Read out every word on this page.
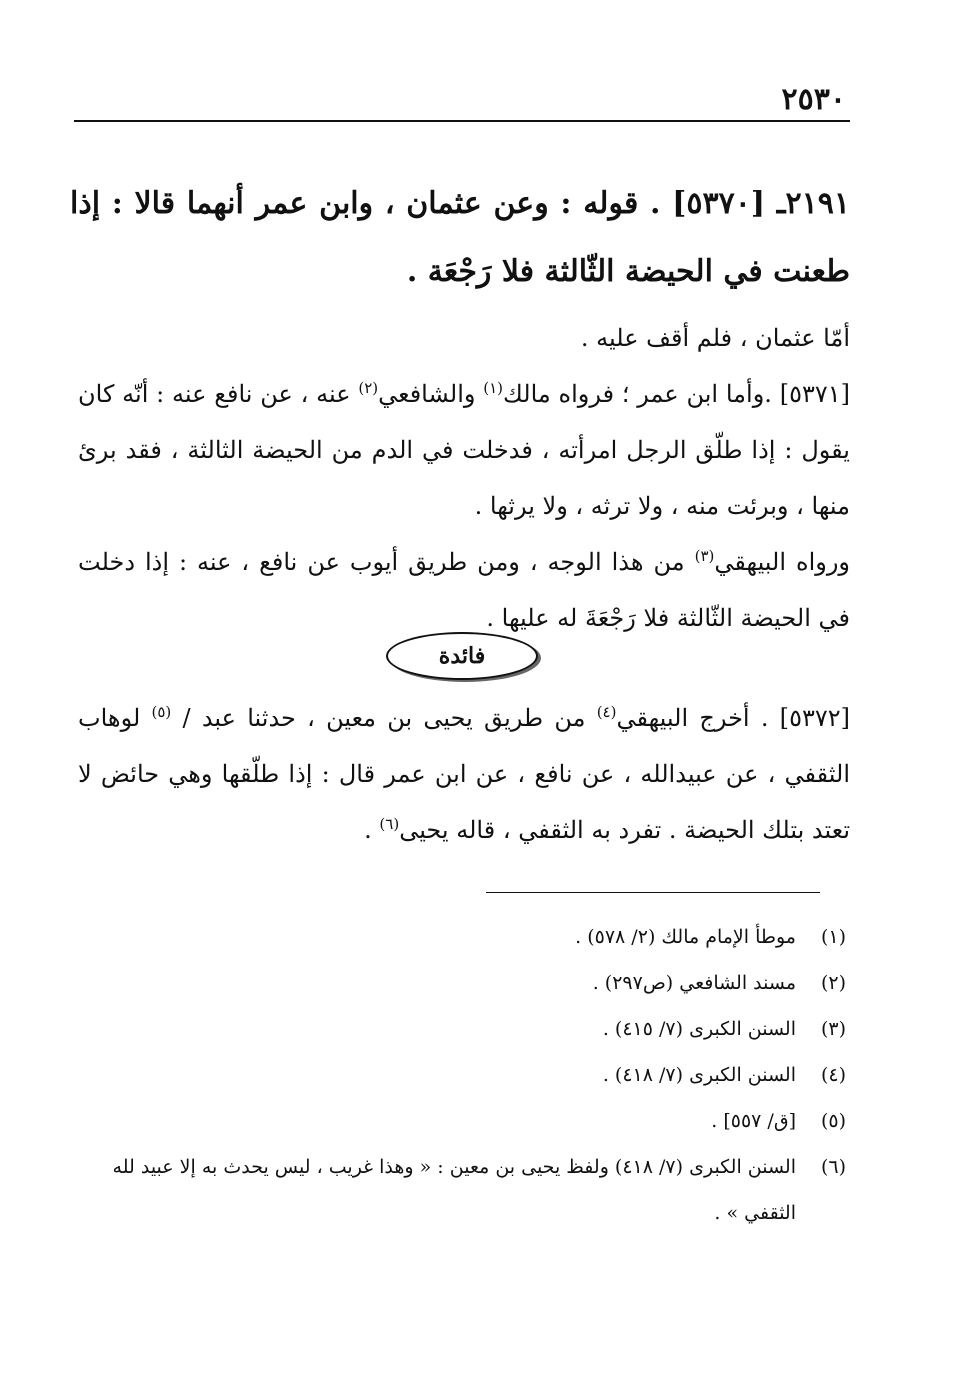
٢٥٣٠
٢١٩١ـ [٥٣٧٠] . قوله : وعن عثمان ، وابن عمر أنهما قالا : إذا طعنت في الحيضة الثّالثة فلا رَجْعَة .
أمّا عثمان ، فلم أقف عليه .
[٥٣٧١] .وأما ابن عمر ؛ فرواه مالك$^{(١)}$ والشافعي$^{(٢)}$ عنه ، عن نافع عنه : أنّه كان يقول : إذا طلّق الرجل امرأته ، فدخلت في الدم من الحيضة الثالثة ، فقد برئ منها ، وبرئت منه ، ولا ترثه ، ولا يرثها .
ورواه البيهقي$^{(٣)}$ من هذا الوجه ، ومن طريق أيوب عن نافع ، عنه : إذا دخلت في الحيضة الثّالثة فلا رَجْعَةَ له عليها .
فائدة
[٥٣٧٢] . أخرج البيهقي$^{(٤)}$ من طريق يحيى بن معين ، حدثنا عبد / $^{(٥)}$ لوهاب الثقفي ، عن عبيدالله ، عن نافع ، عن ابن عمر قال : إذا طلّقها وهي حائض لا تعتد بتلك الحيضة . تفرد به الثقفي ، قاله يحيى$^{(٦)}$ .
(١)
موطأ الإمام مالك (٢/ ٥٧٨) .
(٢)
مسند الشافعي (ص٢٩٧) .
(٣)
السنن الكبرى (٧/ ٤١٥) .
(٤)
السنن الكبرى (٧/ ٤١٨) .
(٥)
[ق/ ٥٥٧] .
(٦)
السنن الكبرى (٧/ ٤١٨) ولفظ يحيى بن معين : « وهذا غريب ، ليس يحدث به إلا عبيد لله الثقفي » .
